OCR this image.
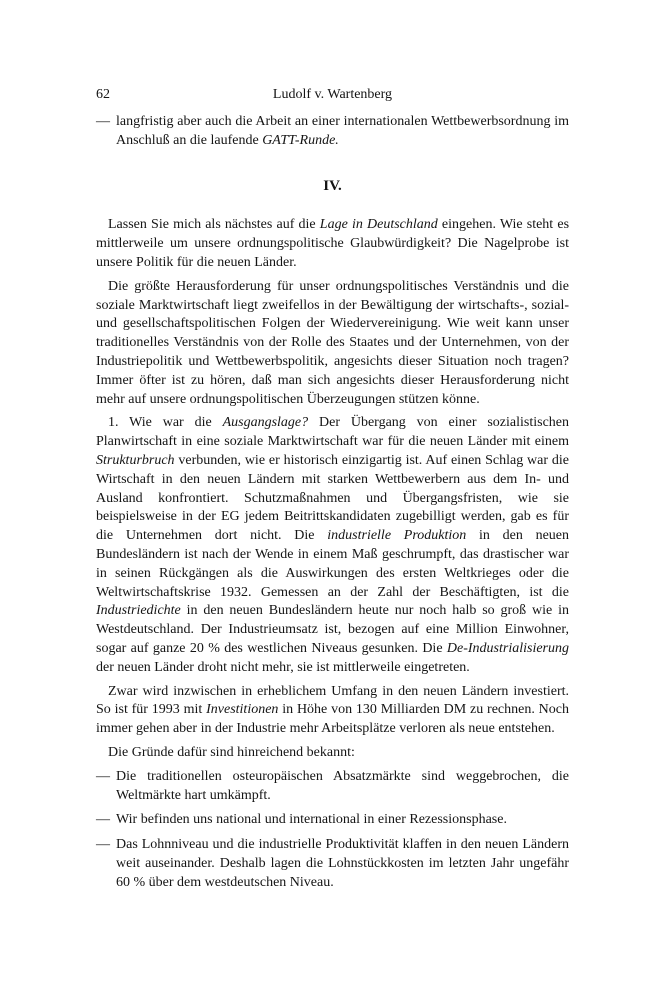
62	Ludolf v. Wartenberg
— langfristig aber auch die Arbeit an einer internationalen Wettbewerbsordnung im Anschluß an die laufende GATT-Runde.
IV.

Lassen Sie mich als nächstes auf die Lage in Deutschland eingehen. Wie steht es mittlerweile um unsere ordnungspolitische Glaubwürdigkeit? Die Nagelprobe ist unsere Politik für die neuen Länder.

Die größte Herausforderung für unser ordnungspolitisches Verständnis und die soziale Marktwirtschaft liegt zweifellos in der Bewältigung der wirtschafts-, sozial- und gesellschaftspolitischen Folgen der Wiedervereinigung. Wie weit kann unser traditionelles Verständnis von der Rolle des Staates und der Unternehmen, von der Industriepolitik und Wettbewerbspolitik, angesichts dieser Situation noch tragen? Immer öfter ist zu hören, daß man sich angesichts dieser Herausforderung nicht mehr auf unsere ordnungspolitischen Überzeugungen stützen könne.

1. Wie war die Ausgangslage? Der Übergang von einer sozialistischen Planwirtschaft in eine soziale Marktwirtschaft war für die neuen Länder mit einem Strukturbruch verbunden, wie er historisch einzigartig ist. Auf einen Schlag war die Wirtschaft in den neuen Ländern mit starken Wettbewerbern aus dem In- und Ausland konfrontiert. Schutzmaßnahmen und Übergangsfristen, wie sie beispielsweise in der EG jedem Beitrittskandidaten zugebilligt werden, gab es für die Unternehmen dort nicht. Die industrielle Produktion in den neuen Bundesländern ist nach der Wende in einem Maß geschrumpft, das drastischer war in seinen Rückgängen als die Auswirkungen des ersten Weltkrieges oder die Weltwirtschaftskrise 1932. Gemessen an der Zahl der Beschäftigten, ist die Industriedichte in den neuen Bundesländern heute nur noch halb so groß wie in Westdeutschland. Der Industrieumsatz ist, bezogen auf eine Million Einwohner, sogar auf ganze 20 % des westlichen Niveaus gesunken. Die De-Industrialisierung der neuen Länder droht nicht mehr, sie ist mittlerweile eingetreten.

Zwar wird inzwischen in erheblichem Umfang in den neuen Ländern investiert. So ist für 1993 mit Investitionen in Höhe von 130 Milliarden DM zu rechnen. Noch immer gehen aber in der Industrie mehr Arbeitsplätze verloren als neue entstehen.

Die Gründe dafür sind hinreichend bekannt:

— Die traditionellen osteuropäischen Absatzmärkte sind weggebrochen, die Weltmärkte hart umkämpft.
— Wir befinden uns national und international in einer Rezessionsphase.
— Das Lohnniveau und die industrielle Produktivität klaffen in den neuen Ländern weit auseinander. Deshalb lagen die Lohnstückkosten im letzten Jahr ungefähr 60 % über dem westdeutschen Niveau.
